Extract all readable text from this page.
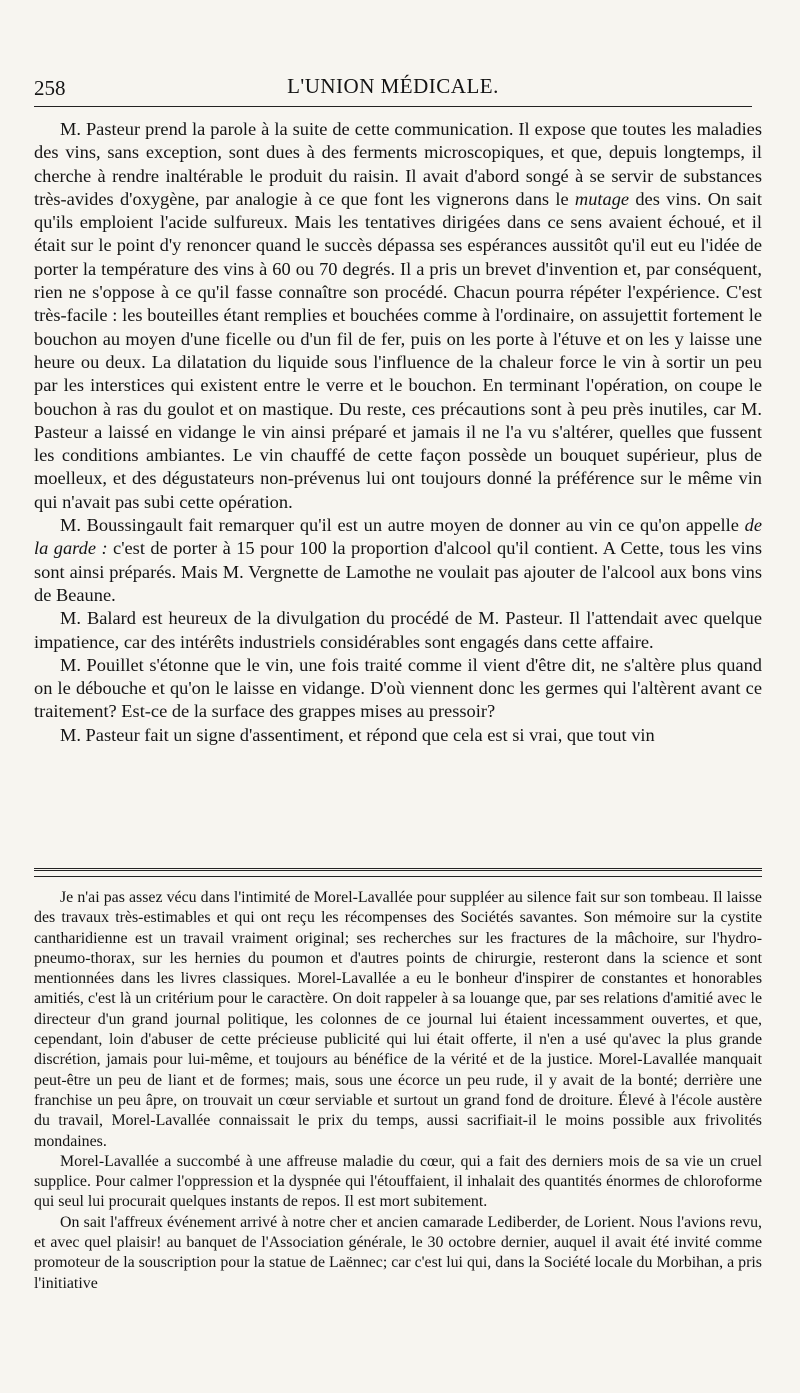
258	L'UNION MÉDICALE.

M. Pasteur prend la parole à la suite de cette communication. Il expose que toutes les maladies des vins, sans exception, sont dues à des ferments microscopiques, et que, depuis longtemps, il cherche à rendre inaltérable le produit du raisin. Il avait d'abord songé à se servir de substances très-avides d'oxygène, par analogie à ce que font les vignerons dans le mutage des vins. On sait qu'ils emploient l'acide sulfureux. Mais les tentatives dirigées dans ce sens avaient échoué, et il était sur le point d'y renoncer quand le succès dépassa ses espérances aussitôt qu'il eut eu l'idée de porter la température des vins à 60 ou 70 degrés. Il a pris un brevet d'invention et, par conséquent, rien ne s'oppose à ce qu'il fasse connaître son procédé. Chacun pourra répéter l'expérience. C'est très-facile : les bouteilles étant remplies et bouchées comme à l'ordinaire, on assujettit fortement le bouchon au moyen d'une ficelle ou d'un fil de fer, puis on les porte à l'étuve et on les y laisse une heure ou deux. La dilatation du liquide sous l'influence de la chaleur force le vin à sortir un peu par les interstices qui existent entre le verre et le bouchon. En terminant l'opération, on coupe le bouchon à ras du goulot et on mastique. Du reste, ces précautions sont à peu près inutiles, car M. Pasteur a laissé en vidange le vin ainsi préparé et jamais il ne l'a vu s'altérer, quelles que fussent les conditions ambiantes. Le vin chauffé de cette façon possède un bouquet supérieur, plus de moelleux, et des dégustateurs non-prévenus lui ont toujours donné la préférence sur le même vin qui n'avait pas subi cette opération.

M. Boussingault fait remarquer qu'il est un autre moyen de donner au vin ce qu'on appelle de la garde : c'est de porter à 15 pour 100 la proportion d'alcool qu'il contient. A Cette, tous les vins sont ainsi préparés. Mais M. Vergnette de Lamothe ne voulait pas ajouter de l'alcool aux bons vins de Beaune.

M. Balard est heureux de la divulgation du procédé de M. Pasteur. Il l'attendait avec quelque impatience, car des intérêts industriels considérables sont engagés dans cette affaire.

M. Pouillet s'étonne que le vin, une fois traité comme il vient d'être dit, ne s'altère plus quand on le débouche et qu'on le laisse en vidange. D'où viennent donc les germes qui l'altèrent avant ce traitement? Est-ce de la surface des grappes mises au pressoir?

M. Pasteur fait un signe d'assentiment, et répond que cela est si vrai, que tout vin

Je n'ai pas assez vécu dans l'intimité de Morel-Lavallée pour suppléer au silence fait sur son tombeau. Il laisse des travaux très-estimables et qui ont reçu les récompenses des Sociétés savantes. Son mémoire sur la cystite cantharidienne est un travail vraiment original; ses recherches sur les fractures de la mâchoire, sur l'hydro-pneumo-thorax, sur les hernies du poumon et d'autres points de chirurgie, resteront dans la science et sont mentionnées dans les livres classiques. Morel-Lavallée a eu le bonheur d'inspirer de constantes et honorables amitiés, c'est là un critérium pour le caractère. On doit rappeler à sa louange que, par ses relations d'amitié avec le directeur d'un grand journal politique, les colonnes de ce journal lui étaient incessamment ouvertes, et que, cependant, loin d'abuser de cette précieuse publicité qui lui était offerte, il n'en a usé qu'avec la plus grande discrétion, jamais pour lui-même, et toujours au bénéfice de la vérité et de la justice. Morel-Lavallée manquait peut-être un peu de liant et de formes; mais, sous une écorce un peu rude, il y avait de la bonté; derrière une franchise un peu âpre, on trouvait un cœur serviable et surtout un grand fond de droiture. Élevé à l'école austère du travail, Morel-Lavallée connaissait le prix du temps, aussi sacrifiait-il le moins possible aux frivolités mondaines.

Morel-Lavallée a succombé à une affreuse maladie du cœur, qui a fait des derniers mois de sa vie un cruel supplice. Pour calmer l'oppression et la dyspnée qui l'étouffaient, il inhalait des quantités énormes de chloroforme qui seul lui procurait quelques instants de repos. Il est mort subitement.

On sait l'affreux événement arrivé à notre cher et ancien camarade Lediberder, de Lorient. Nous l'avions revu, et avec quel plaisir! au banquet de l'Association générale, le 30 octobre dernier, auquel il avait été invité comme promoteur de la souscription pour la statue de Laënnec; car c'est lui qui, dans la Société locale du Morbihan, a pris l'initiative
